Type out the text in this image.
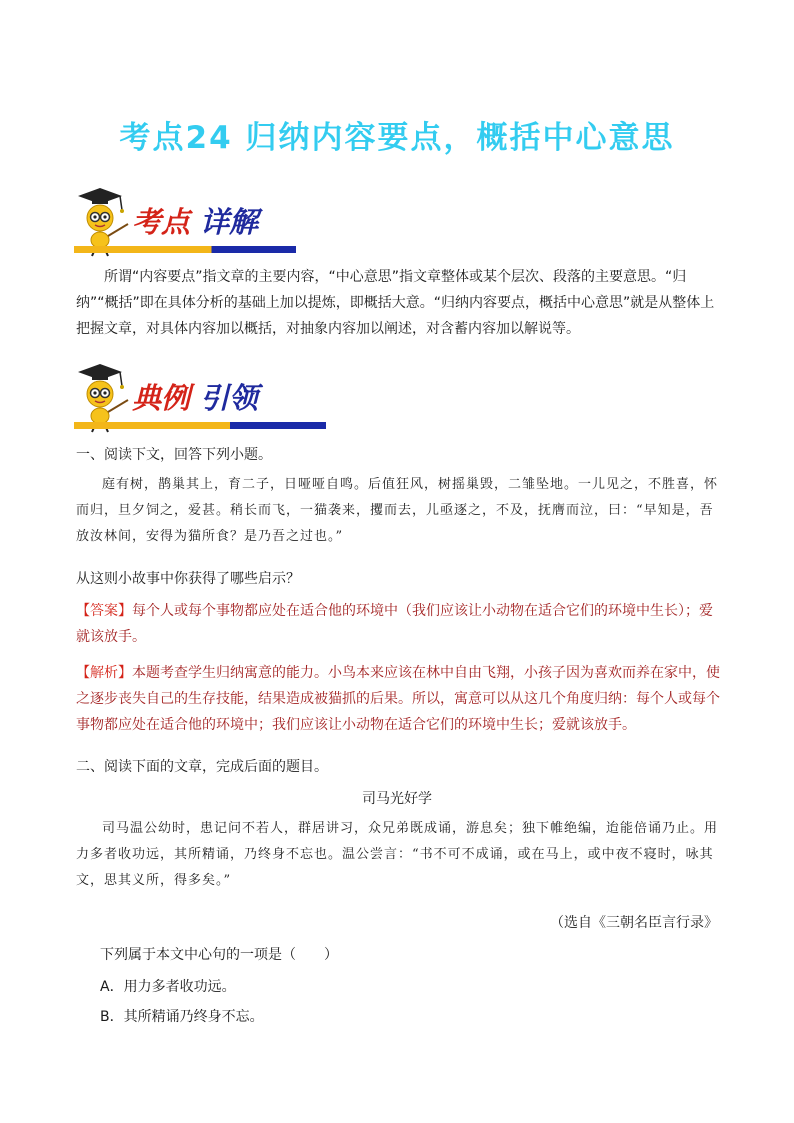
考点24 归纳内容要点，概括中心意思
考点 详解
所谓“内容要点”指文章的主要内容，“中心意思”指文章整体或某个层次、段落的主要意思。“归纳”“概括”即在具体分析的基础上加以提炼，即概括大意。“归纳内容要点，概括中心意思”就是从整体上把握文章，对具体内容加以概括，对抽象内容加以阐述，对含蓄内容加以解说等。
典例 引领
一、阅读下文，回答下列小题。
庭有树，鹊巢其上，育二子，日哑哑自鸣。后值狂风，树摇巢毁，二雏坠地。一儿见之，不胜喜，怀而归，旦夕饲之，爱甚。稍长而飞，一猫袭来，攫而去，儿亟逐之，不及，抚膺而泣，曰：“早知是，吾放汝林间，安得为猫所食？是乃吾之过也。”
从这则小故事中你获得了哪些启示？
【答案】每个人或每个事物都应处在适合他的环境中（我们应该让小动物在适合它们的环境中生长）；爱就该放手。
【解析】本题考查学生归纳寓意的能力。小鸟本来应该在林中自由飞翔，小孩子因为喜欢而养在家中，使之逐步丧失自己的生存技能，结果造成被猫抓的后果。所以，寓意可以从这几个角度归纳：每个人或每个事物都应处在适合他的环境中；我们应该让小动物在适合它们的环境中生长；爱就该放手。
二、阅读下面的文章，完成后面的题目。
司马光好学
司马温公幼时，患记问不若人，群居讲习，众兄弟既成诵，游息矣；独下帷绝编，迨能倍诵乃止。用力多者收功远，其所精诵，乃终身不忘也。温公尝言：“书不可不成诵，或在马上，或中夜不寝时，咏其文，思其义所，得多矣。”
（选自《三朝名臣言行录》
下列属于本文中心句的一项是（　　）
A．用力多者收功远。
B．其所精诵乃终身不忘。
